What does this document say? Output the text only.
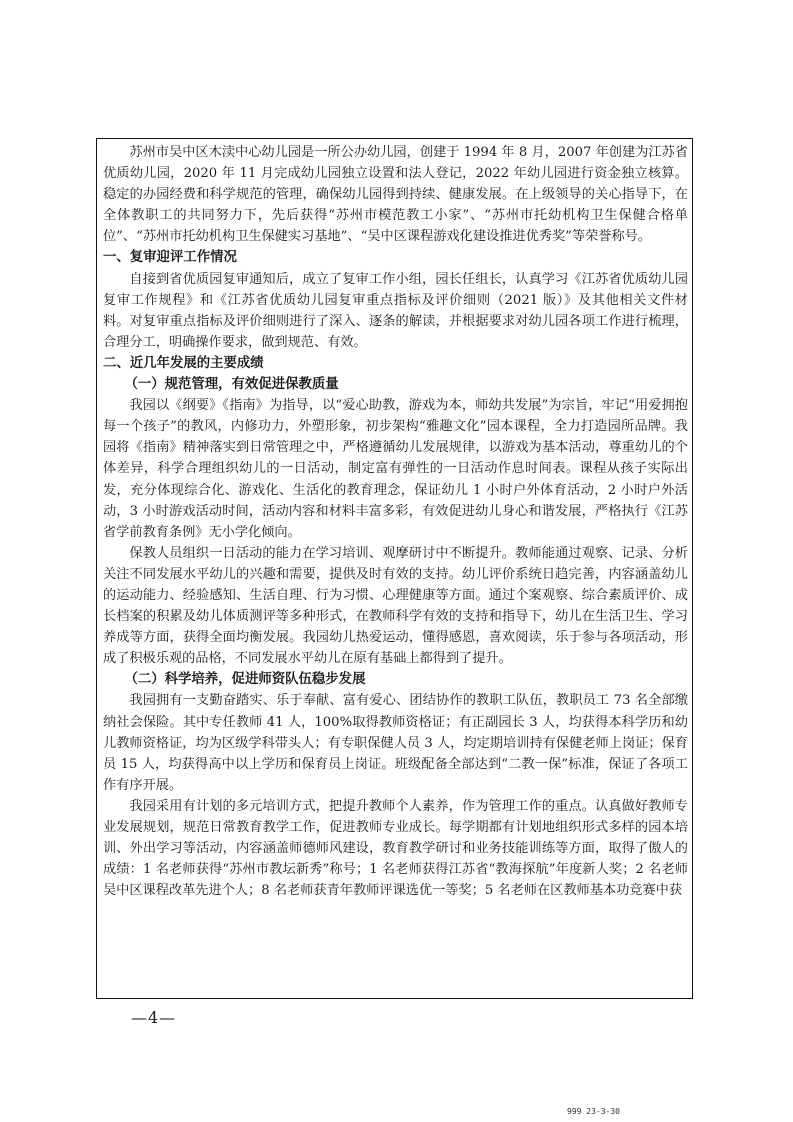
苏州市吴中区木渎中心幼儿园是一所公办幼儿园，创建于 1994 年 8 月，2007 年创建为江苏省优质幼儿园，2020 年 11 月完成幼儿园独立设置和法人登记，2022 年幼儿园进行资金独立核算。稳定的办园经费和科学规范的管理，确保幼儿园得到持续、健康发展。在上级领导的关心指导下，在全体教职工的共同努力下，先后获得“苏州市模范教工小家”、“苏州市托幼机构卫生保健合格单位”、“苏州市托幼机构卫生保健实习基地”、“吴中区课程游戏化建设推进优秀奖”等荣誉称号。

一、复审迎评工作情况

自接到省优质园复审通知后，成立了复审工作小组，园长任组长，认真学习《江苏省优质幼儿园复审工作规程》和《江苏省优质幼儿园复审重点指标及评价细则（2021 版）》及其他相关文件材料。对复审重点指标及评价细则进行了深入、逐条的解读，并根据要求对幼儿园各项工作进行梳理，合理分工，明确操作要求，做到规范、有效。

二、近几年发展的主要成绩
（一）规范管理，有效促进保教质量

我园以《纲要》《指南》为指导，以“爱心助教，游戏为本，师幼共发展”为宗旨，牢记“用爱拥抱每一个孩子”的教风，内修功力，外塑形象，初步架构“雅趣文化”园本课程，全力打造园所品牌。我园将《指南》精神落实到日常管理之中，严格遵循幼儿发展规律，以游戏为基本活动，尊重幼儿的个体差异，科学合理组织幼儿的一日活动，制定富有弹性的一日活动作息时间表。课程从孩子实际出发，充分体现综合化、游戏化、生活化的教育理念，保证幼儿 1 小时户外体育活动，2 小时户外活动，3 小时游戏活动时间，活动内容和材料丰富多彩，有效促进幼儿身心和谐发展，严格执行《江苏省学前教育条例》无小学化倾向。

保教人员组织一日活动的能力在学习培训、观摩研讨中不断提升。教师能通过观察、记录、分析关注不同发展水平幼儿的兴趣和需要，提供及时有效的支持。幼儿评价系统日趋完善，内容涵盖幼儿的运动能力、经验感知、生活自理、行为习惯、心理健康等方面。通过个案观察、综合素质评价、成长档案的积累及幼儿体质测评等多种形式，在教师科学有效的支持和指导下，幼儿在生活卫生、学习养成等方面，获得全面均衡发展。我园幼儿热爱运动，懂得感恩，喜欢阅读，乐于参与各项活动，形成了积极乐观的品格，不同发展水平幼儿在原有基础上都得到了提升。

（二）科学培养，促进师资队伍稳步发展

我园拥有一支勤奋踏实、乐于奉献、富有爱心、团结协作的教职工队伍，教职员工 73 名全部缴纳社会保险。其中专任教师 41 人，100%取得教师资格证；有正副园长 3 人，均获得本科学历和幼儿教师资格证，均为区级学科带头人；有专职保健人员 3 人，均定期培训持有保健老师上岗证；保育员 15 人，均获得高中以上学历和保育员上岗证。班级配备全部达到“二教一保”标准，保证了各项工作有序开展。

我园采用有计划的多元培训方式，把提升教师个人素养，作为管理工作的重点。认真做好教师专业发展规划，规范日常教育教学工作，促进教师专业成长。每学期都有计划地组织形式多样的园本培训、外出学习等活动，内容涵盖师德师风建设，教育教学研讨和业务技能训练等方面，取得了傲人的成绩：1 名老师获得“苏州市教坛新秀”称号；1 名老师获得江苏省“教海探航”年度新人奖；2 名老师吴中区课程改革先进个人；8 名老师获青年教师评课选优一等奖；5 名老师在区教师基本功竞赛中获

—4—
999 23-3-30
